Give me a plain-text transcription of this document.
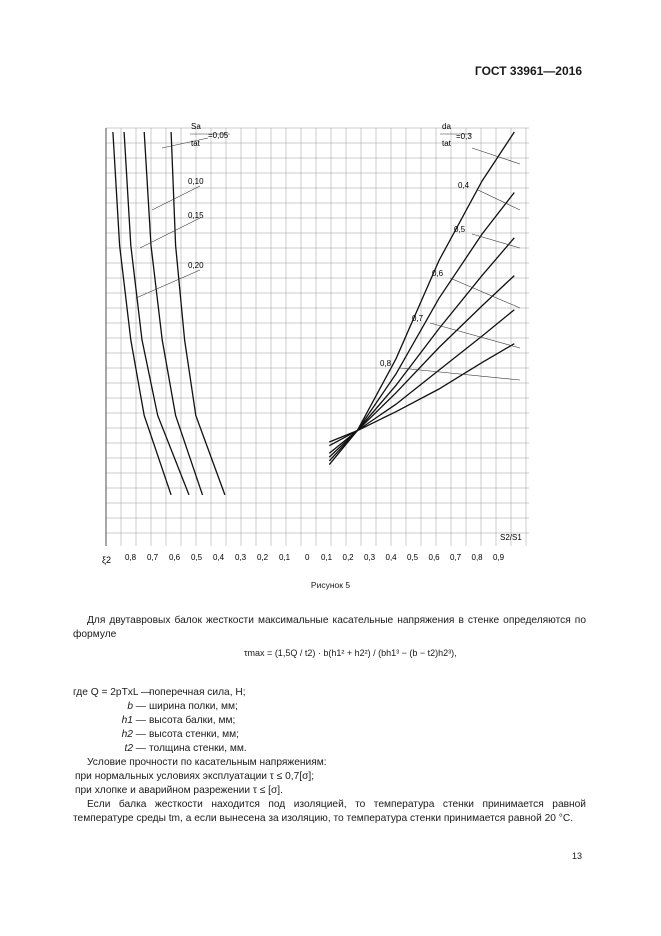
ГОСТ 33961—2016
Sa
tat
=0,05
0,10
0,15
0,20
da
tat
=0,3
0,4
0,5
0,6
0,7
0,8
S2/S1
ξ2 0,8 0,7 0,6 0,5 0,4 0,3 0,2 0,1 0 0,1 0,2 0,3 0,4 0,5 0,6 0,7 0,8 0,9
Рисунок 5
Для двутавровых балок жесткости максимальные касательные напряжения в стенке определяются по формуле
τmax = (1,5Q / t2) · b(h1² + h2²) / (bh1³ − (b − t2)h2³),
где Q = 2pTxL —
поперечная сила, Н;
b — ширина полки, мм;
h1 — высота балки, мм;
h2 — высота стенки, мм;
t2 — толщина стенки, мм.
Условие прочности по касательным напряжениям:
при нормальных условиях эксплуатации τ ≤ 0,7[σ];
при хлопке и аварийном разрежении τ ≤ [σ].
Если балка жесткости находится под изоляцией, то температура стенки принимается равной температуре среды tm, а если вынесена за изоляцию, то температура стенки принимается равной 20 °С.
13
